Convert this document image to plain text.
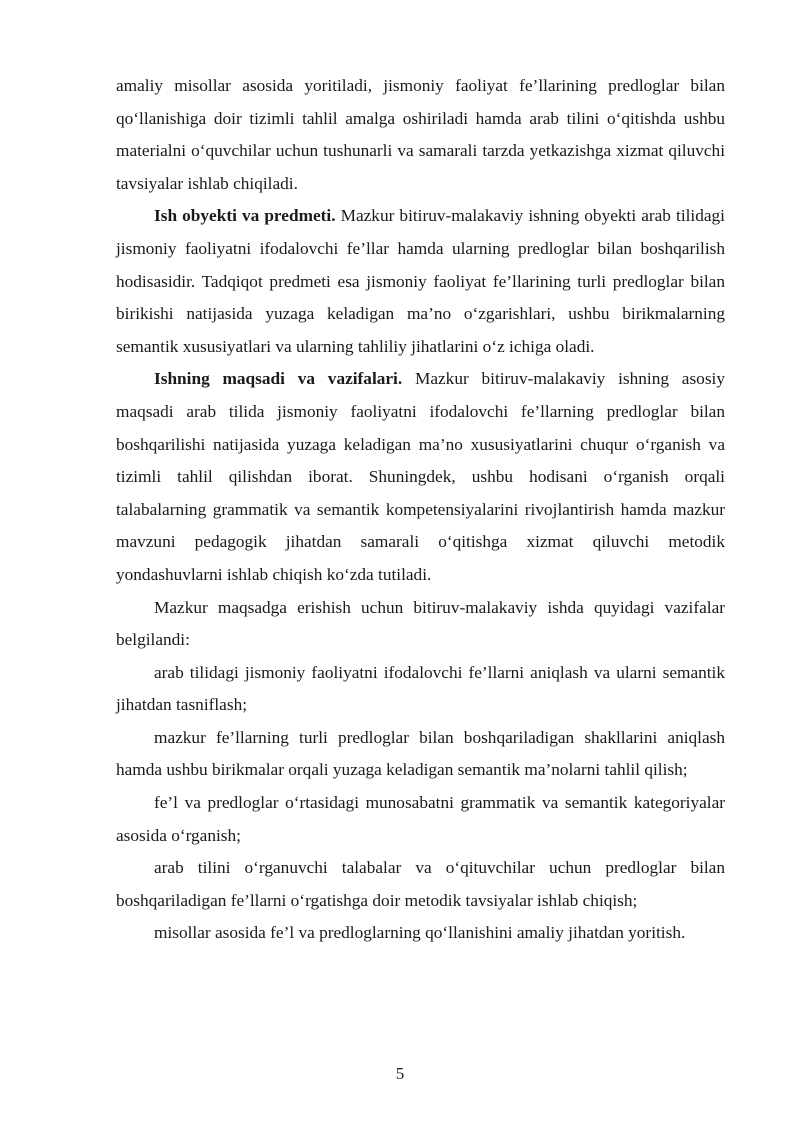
amaliy misollar asosida yoritiladi, jismoniy faoliyat fe’llarining predloglar bilan qo‘llanishiga doir tizimli tahlil amalga oshiriladi hamda arab tilini o‘qitishda ushbu materialni o‘quvchilar uchun tushunarli va samarali tarzda yetkazishga xizmat qiluvchi tavsiyalar ishlab chiqiladi.

Ish obyekti va predmeti. Mazkur bitiruv-malakaviy ishning obyekti arab tilidagi jismoniy faoliyatni ifodalovchi fe’llar hamda ularning predloglar bilan boshqarilish hodisasidir. Tadqiqot predmeti esa jismoniy faoliyat fe’llarining turli predloglar bilan birikishi natijasida yuzaga keladigan ma’no o‘zgarishlari, ushbu birikmalarning semantik xususiyatlari va ularning tahliliy jihatlarini o‘z ichiga oladi.

Ishning maqsadi va vazifalari. Mazkur bitiruv-malakaviy ishning asosiy maqsadi arab tilida jismoniy faoliyatni ifodalovchi fe’llarning predloglar bilan boshqarilishi natijasida yuzaga keladigan ma’no xususiyatlarini chuqur o‘rganish va tizimli tahlil qilishdan iborat. Shuningdek, ushbu hodisani o‘rganish orqali talabalarning grammatik va semantik kompetensiyalarini rivojlantirish hamda mazkur mavzuni pedagogik jihatdan samarali o‘qitishga xizmat qiluvchi metodik yondashuvlarni ishlab chiqish ko‘zda tutiladi.

Mazkur maqsadga erishish uchun bitiruv-malakaviy ishda quyidagi vazifalar belgilandi:

arab tilidagi jismoniy faoliyatni ifodalovchi fe’llarni aniqlash va ularni semantik jihatdan tasniflash;

mazkur fe’llarning turli predloglar bilan boshqariladigan shakllarini aniqlash hamda ushbu birikmalar orqali yuzaga keladigan semantik ma’nolarni tahlil qilish;

fe’l va predloglar o‘rtasidagi munosabatni grammatik va semantik kategoriyalar asosida o‘rganish;

arab tilini o‘rganuvchi talabalar va o‘qituvchilar uchun predloglar bilan boshqariladigan fe’llarni o‘rgatishga doir metodik tavsiyalar ishlab chiqish;

misollar asosida fe’l va predloglarning qo‘llanishini amaliy jihatdan yoritish.

5
